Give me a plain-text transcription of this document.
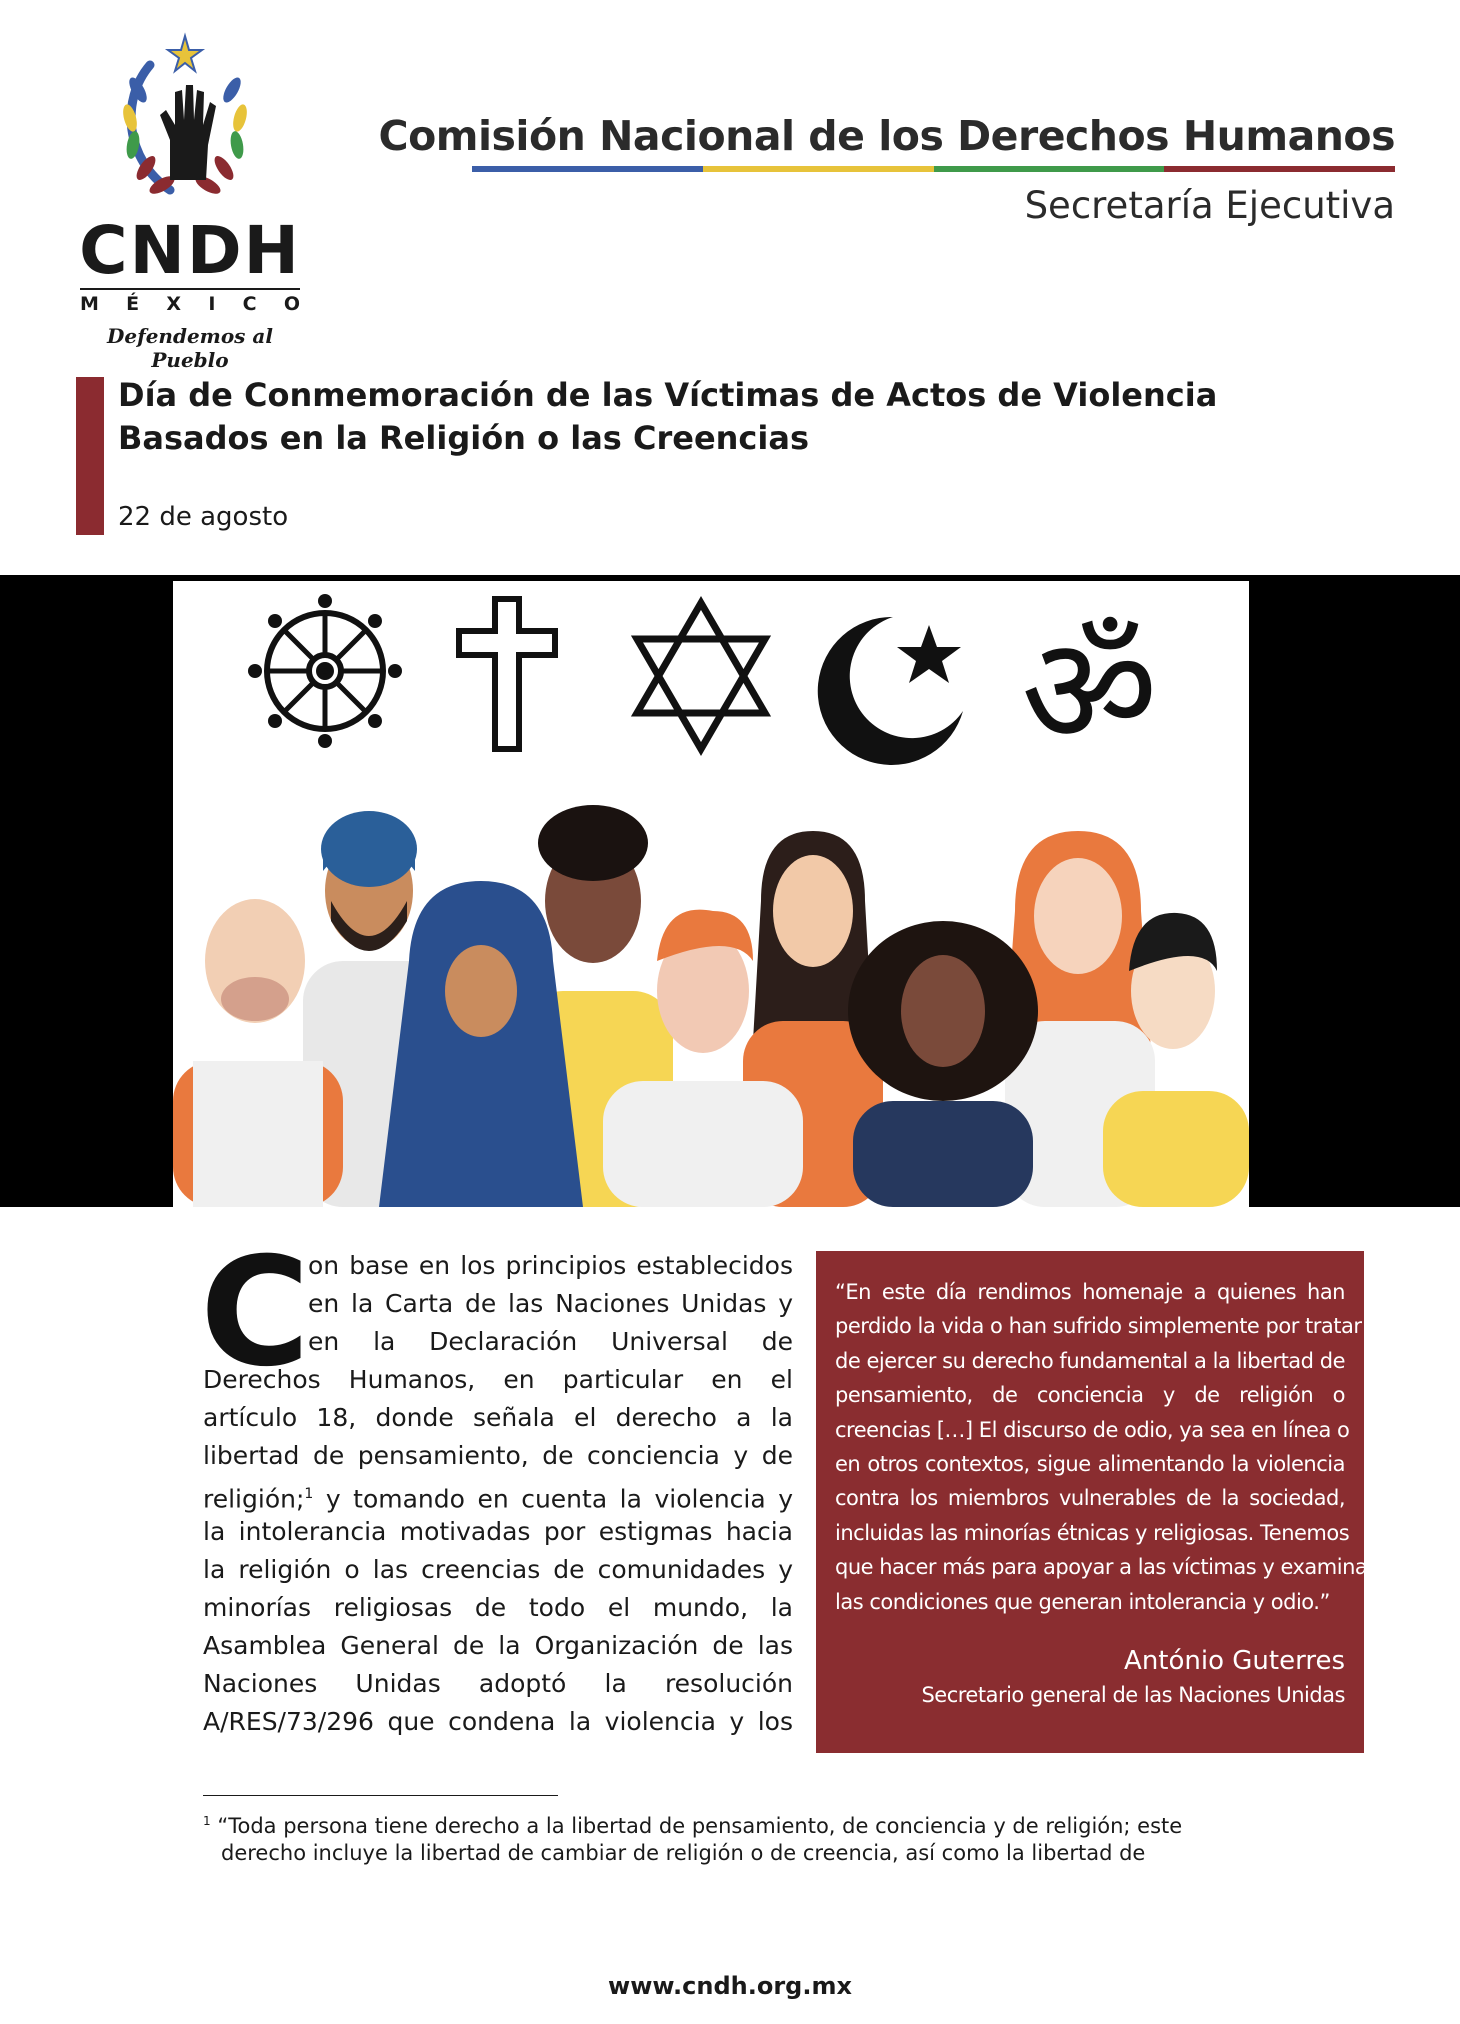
CNDH
M É X I C O
Defendemos al Pueblo
Comisión Nacional de los Derechos Humanos
Secretaría Ejecutiva
Día de Conmemoración de las Víctimas de Actos de Violencia
Basados en la Religión o las Creencias
22 de agosto
ॐ
C
on base en los principios establecidos
en la Carta de las Naciones Unidas y
en la Declaración Universal de
Derechos Humanos, en particular en el
artículo 18, donde señala el derecho a la
libertad de pensamiento, de conciencia y de
religión;$^1$ y tomando en cuenta la violencia y
la intolerancia motivadas por estigmas hacia
la religión o las creencias de comunidades y
minorías religiosas de todo el mundo, la
Asamblea General de la Organización de las
Naciones Unidas adoptó la resolución
A/RES/73/296 que condena la violencia y los
“En este día rendimos homenaje a quienes han
perdido la vida o han sufrido simplemente por tratar
de ejercer su derecho fundamental a la libertad de
pensamiento, de conciencia y de religión o
creencias […] El discurso de odio, ya sea en línea o
en otros contextos, sigue alimentando la violencia
contra los miembros vulnerables de la sociedad,
incluidas las minorías étnicas y religiosas. Tenemos
que hacer más para apoyar a las víctimas y examinar
las condiciones que generan intolerancia y odio.”
António Guterres
Secretario general de las Naciones Unidas
$^1$ “Toda persona tiene derecho a la libertad de pensamiento, de conciencia y de religión; este
derecho incluye la libertad de cambiar de religión o de creencia, así como la libertad de
www.cndh.org.mx
